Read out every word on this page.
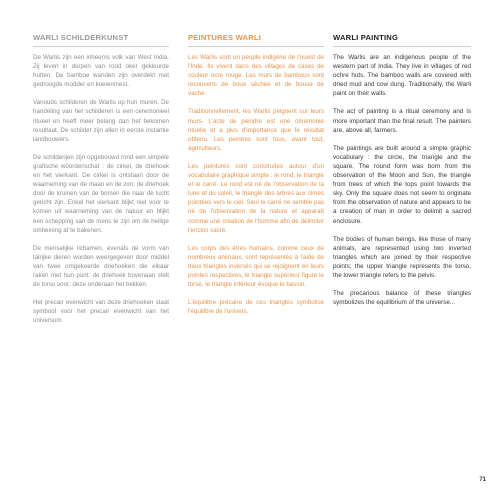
WARLI SCHILDERKUNST

De Warlis zijn een inheems volk van West India. Zij leven in dorpen van rood oker gekleurde hutten. De bamboe wanden zijn overdekt met gedroogde modder en koeienmest.

Vanouds schilderen de Warlis op hun muren. De handeling van het schilderen is een ceremonieel ritueel en heeft meer belang dan het bekomen resultaat. De schilder zijn allen in eerste instantie landbouwers.

De schilderijen zijn opgebouwd rond een simpele grafische woordenschat : de cirkel, de driehoek en het vierkant. De cirkel is ontstaan door de waarneming van de maan en de zon; de driehoek door de kruinen van de bomen die naar de lucht gericht zijn. Enkel het vierkant blijkt niet voor te komen uit waarneming van de natuur en blijkt een schepping van de mens te zijn om de heilige omheining af te bakenen.

De menselijke lichamen, evenals de vorm van talrijke dieren worden weergegeven door middel van twee omgekeerde driehoeken die elkaar raken met hun punt: de driehoek bovenaan stelt de torso voor; deze onderaan het bekken.

Het precair evenwicht van deze driehoeken staat symbool voor het precair evenwicht van het universum.

PEINTURES WARLI

Les Warlis sont un peuple indigène de l'ouest de l'Inde. Ils vivent dans des villages de cases de couleur ocre rouge. Les murs de bambous sont recouverts de boue séchée et de bouse de vache.

Traditionnellement, les Warlis peignent sur leurs murs. L'acte de peindre est une cérémonie rituelle et a plus d'importance que le résultat obtenu. Les peintres sont tous, avant tout, agriculteurs.

Les peintures sont construites autour d'un vocabulaire graphique simple : le rond, le triangle et le carré. Le rond est né de l'observation de la lune et du soleil, le triangle des arbres aux cimes pointées vers le ciel. Seul le carré ne semble pas né de l'observation de la nature et apparaît comme une création de l'homme afin de délimiter l'enclos sacré.

Les corps des êtres humains, comme ceux de nombreux animaux, sont représentés à l'aide de deux triangles inversés qui se rejoignent en leurs pointes respectives, le triangle supérieur figure le torse, le triangle inférieur évoque le bassin.

L'équilibre précaire de ces triangles symbolise l'équilibre de l'univers.

WARLI PAINTING

The Warlis are an indigenous people of the western part of India. They live in villages of red ochre huts. The bamboo walls are covered with dried mud and cow dung. Traditionally, the Warli paint on their walls.

The act of painting is a ritual ceremony and is more important than the final result. The painters are, above all, farmers.

The paintings are built around a simple graphic vocabulary : the circle, the triangle and the square. The round form was born from the observation of the Moon and Sun, the triangle from trees of which the tops point towards the sky. Only the square does not seem to originate from the observation of nature and appears to be a creation of man in order to delimit a sacred enclosure.

The bodies of human beings, like those of many animals, are represented using two inverted triangles which are joined by their respective points; the upper triangle represents the torso, the lower triangle refers to the pelvis.

The precarious balance of these triangles symbolizes the equilibrium of the universe...

71
